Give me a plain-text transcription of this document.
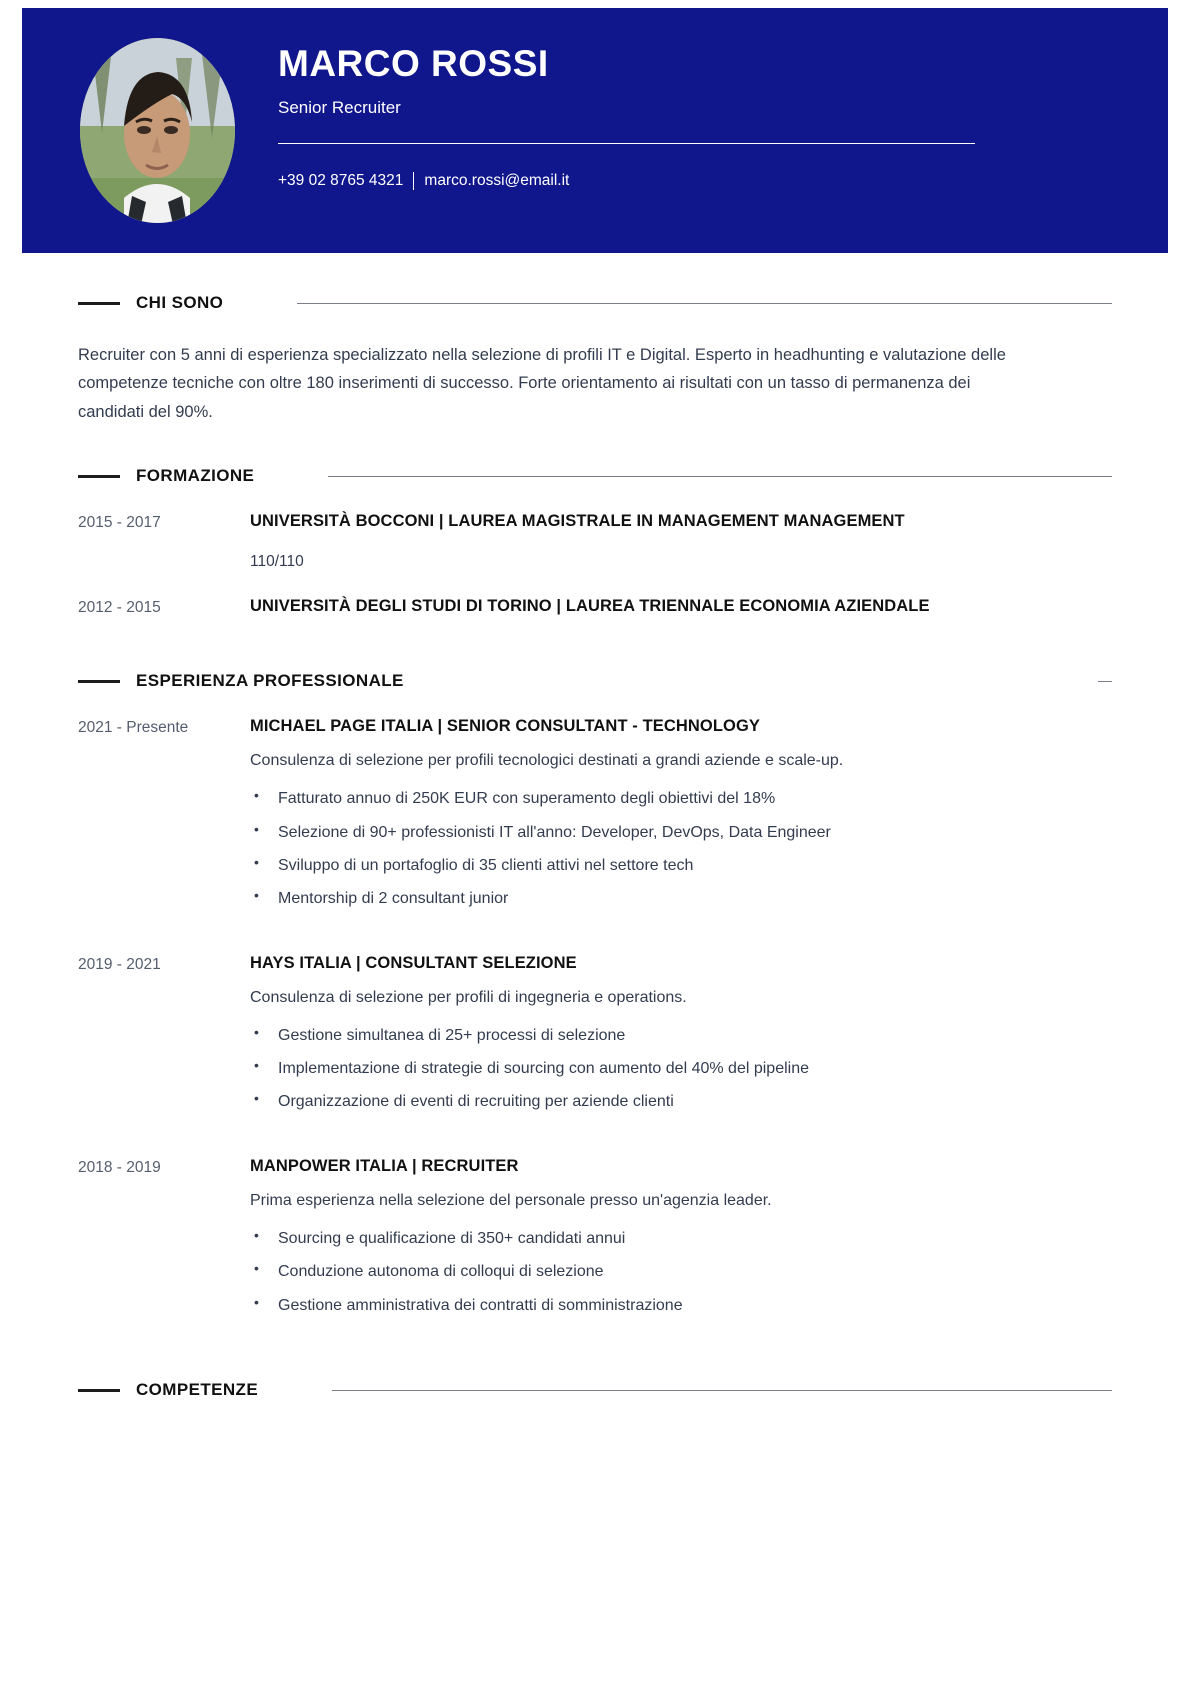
MARCO ROSSI
Senior Recruiter
+39 02 8765 4321 marco.rossi@email.it
CHI SONO
Recruiter con 5 anni di esperienza specializzato nella selezione di profili IT e Digital. Esperto in headhunting e valutazione delle competenze tecniche con oltre 180 inserimenti di successo. Forte orientamento ai risultati con un tasso di permanenza dei candidati del 90%.
FORMAZIONE
2015 - 2017	UNIVERSITÀ BOCCONI | LAUREA MAGISTRALE IN MANAGEMENT MANAGEMENT
110/110
2012 - 2015	UNIVERSITÀ DEGLI STUDI DI TORINO | LAUREA TRIENNALE ECONOMIA AZIENDALE
ESPERIENZA PROFESSIONALE
2021 - Presente	MICHAEL PAGE ITALIA | SENIOR CONSULTANT - TECHNOLOGY
Consulenza di selezione per profili tecnologici destinati a grandi aziende e scale-up.
• Fatturato annuo di 250K EUR con superamento degli obiettivi del 18%
• Selezione di 90+ professionisti IT all'anno: Developer, DevOps, Data Engineer
• Sviluppo di un portafoglio di 35 clienti attivi nel settore tech
• Mentorship di 2 consultant junior
2019 - 2021	HAYS ITALIA | CONSULTANT SELEZIONE
Consulenza di selezione per profili di ingegneria e operations.
• Gestione simultanea di 25+ processi di selezione
• Implementazione di strategie di sourcing con aumento del 40% del pipeline
• Organizzazione di eventi di recruiting per aziende clienti
2018 - 2019	MANPOWER ITALIA | RECRUITER
Prima esperienza nella selezione del personale presso un'agenzia leader.
• Sourcing e qualificazione di 350+ candidati annui
• Conduzione autonoma di colloqui di selezione
• Gestione amministrativa dei contratti di somministrazione
COMPETENZE
